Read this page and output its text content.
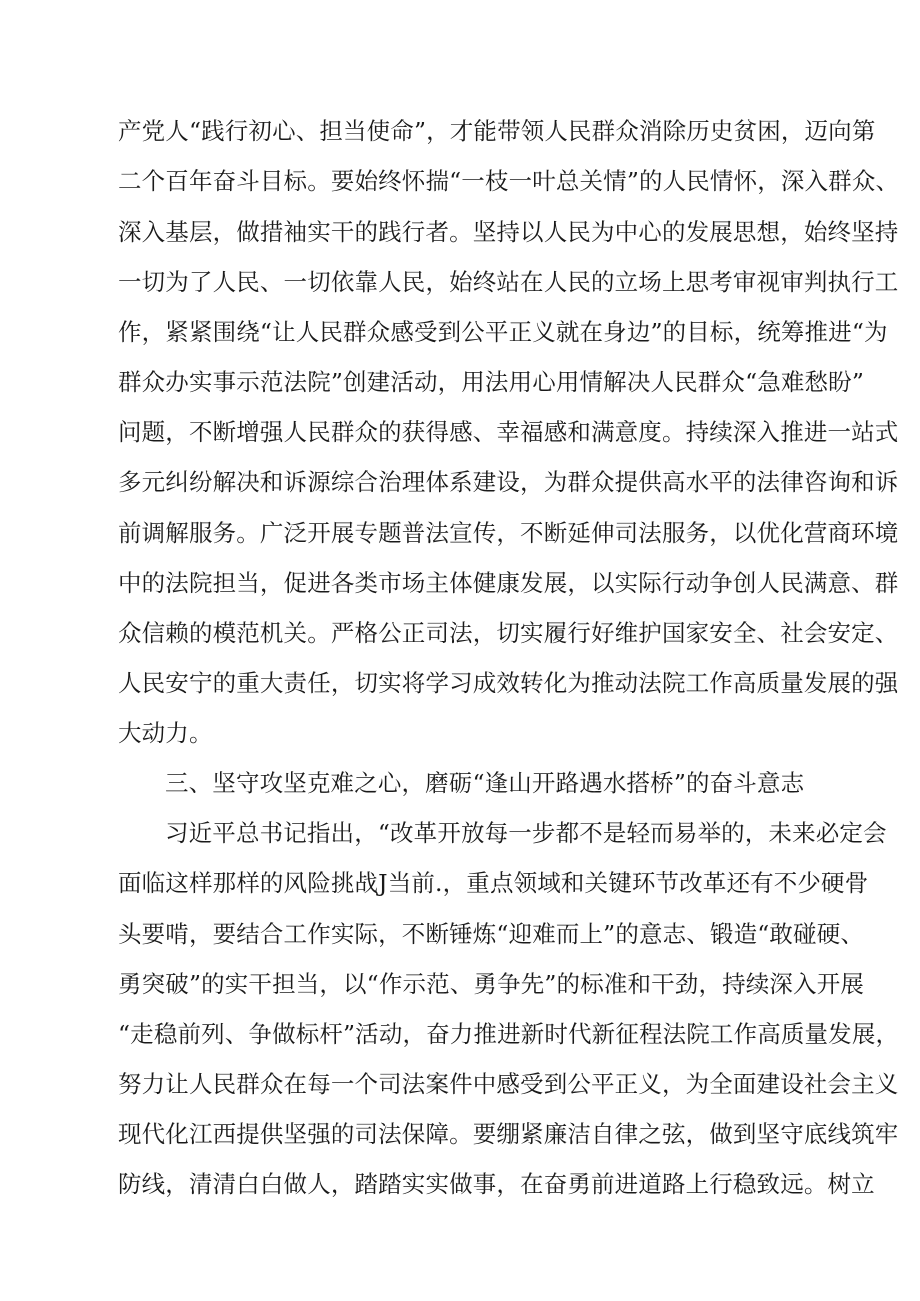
产党人“践行初心、担当使命”，才能带领人民群众消除历史贫困，迈向第
二个百年奋斗目标。要始终怀揣“一枝一叶总关情”的人民情怀，深入群众、
深入基层，做措袖实干的践行者。坚持以人民为中心的发展思想，始终坚持
一切为了人民、一切依靠人民，始终站在人民的立场上思考审视审判执行工
作，紧紧围绕“让人民群众感受到公平正义就在身边”的目标，统筹推进“为
群众办实事示范法院”创建活动，用法用心用情解决人民群众“急难愁盼”
问题，不断增强人民群众的获得感、幸福感和满意度。持续深入推进一站式
多元纠纷解决和诉源综合治理体系建设，为群众提供高水平的法律咨询和诉
前调解服务。广泛开展专题普法宣传，不断延伸司法服务，以优化营商环境
中的法院担当，促进各类市场主体健康发展，以实际行动争创人民满意、群
众信赖的模范机关。严格公正司法，切实履行好维护国家安全、社会安定、
人民安宁的重大责任，切实将学习成效转化为推动法院工作高质量发展的强
大动力。
三、坚守攻坚克难之心，磨砺“逢山开路遇水搭桥”的奋斗意志
习近平总书记指出，“改革开放每一步都不是轻而易举的，未来必定会
面临这样那样的风险挑战J当前.，重点领域和关键环节改革还有不少硬骨
头要啃，要结合工作实际，不断锤炼“迎难而上”的意志、锻造“敢碰硬、
勇突破”的实干担当，以“作示范、勇争先”的标准和干劲，持续深入开展
“走稳前列、争做标杆”活动，奋力推进新时代新征程法院工作高质量发展，
努力让人民群众在每一个司法案件中感受到公平正义，为全面建设社会主义
现代化江西提供坚强的司法保障。要绷紧廉洁自律之弦，做到坚守底线筑牢
防线，清清白白做人，踏踏实实做事，在奋勇前进道路上行稳致远。树立
